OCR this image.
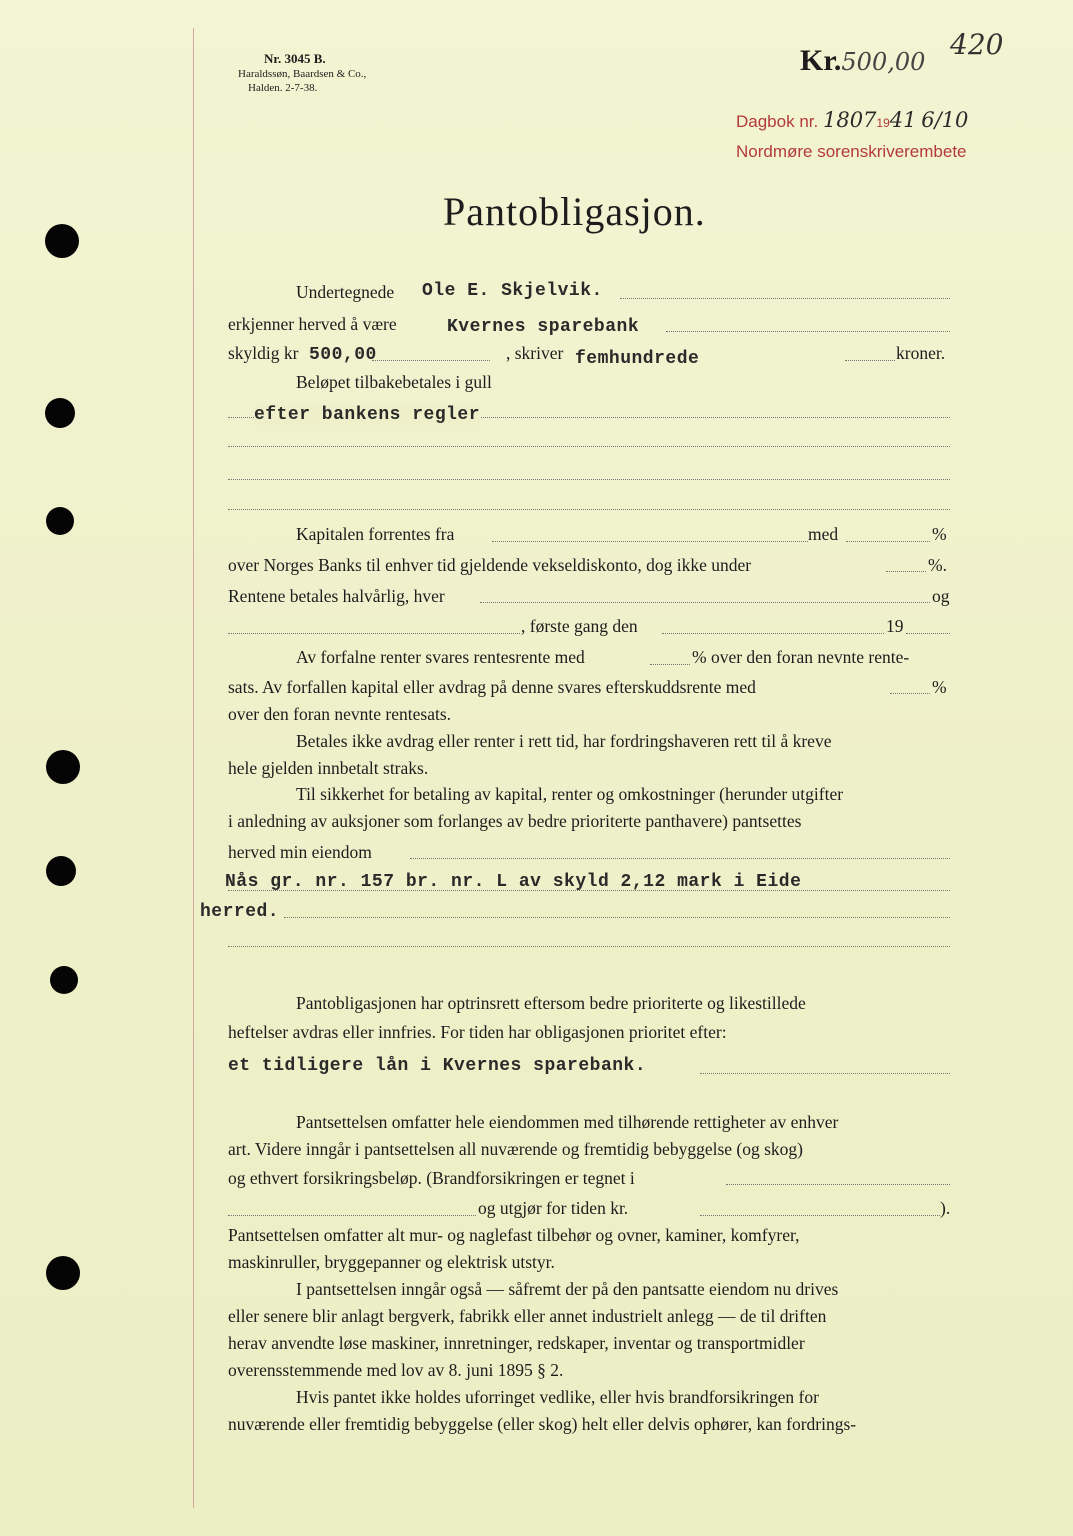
420
Nr. 3045 B.
Haraldssøn, Baardsen & Co.,
Halden. 2-7-38.
Kr.500,00
Dagbok nr. 18071941 6/10
Nordmøre sorenskriverembete
Pantobligasjon.
Undertegnede Ole E. Skjelvik.
erkjenner herved å være	Kvernes sparebank
skyldig kr 500,00	, skriver femhundrede	kroner.
Beløpet tilbakebetales i gull
efter bankens regler
Kapitalen forrentes fra	med	%
over Norges Banks til enhver tid gjeldende vekseldiskonto, dog ikke under	%.
Rentene betales halvårlig, hver	og
, første gang den	19
Av forfalne renter svares rentesrente med	% over den foran nevnte rente-
sats. Av forfallen kapital eller avdrag på denne svares efterskuddsrente med	%
over den foran nevnte rentesats.
Betales ikke avdrag eller renter i rett tid, har fordringshaveren rett til å kreve
hele gjelden innbetalt straks.
Til sikkerhet for betaling av kapital, renter og omkostninger (herunder utgifter
i anledning av auksjoner som forlanges av bedre prioriterte panthavere) pantsettes
herved min eiendom
Nås gr. nr. 157 br. nr. L av skyld 2,12 mark i Eide
herred.
Pantobligasjonen har optrinsrett eftersom bedre prioriterte og likestillede
heftelser avdras eller innfries. For tiden har obligasjonen prioritet efter:
et tidligere lån i Kvernes sparebank.
Pantsettelsen omfatter hele eiendommen med tilhørende rettigheter av enhver
art. Videre inngår i pantsettelsen all nuværende og fremtidig bebyggelse (og skog)
og ethvert forsikringsbeløp. (Brandforsikringen er tegnet i
og utgjør for tiden kr.	).
Pantsettelsen omfatter alt mur- og naglefast tilbehør og ovner, kaminer, komfyrer,
maskinruller, bryggepanner og elektrisk utstyr.
I pantsettelsen inngår også — såfremt der på den pantsatte eiendom nu drives
eller senere blir anlagt bergverk, fabrikk eller annet industrielt anlegg — de til driften
herav anvendte løse maskiner, innretninger, redskaper, inventar og transportmidler
overensstemmende med lov av 8. juni 1895 § 2.
Hvis pantet ikke holdes uforringet vedlike, eller hvis brandforsikringen for
nuværende eller fremtidig bebyggelse (eller skog) helt eller delvis ophører, kan fordrings-
